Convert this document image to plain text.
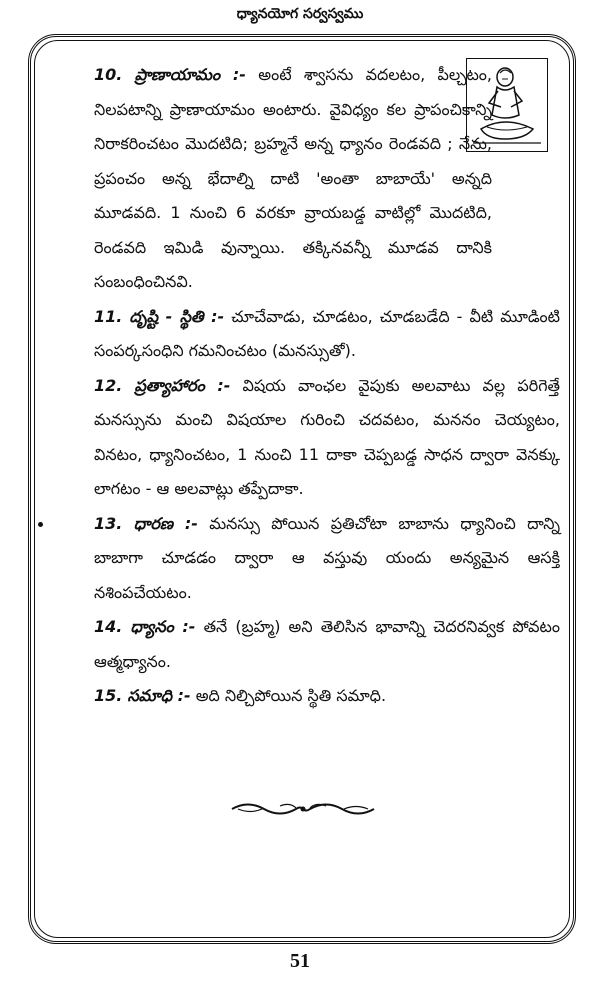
ధ్యానయోగ సర్వస్వము

10. ప్రాణాయామం :- అంటే శ్వాసను వదలటం, పీల్చటం, నిలపటాన్ని ప్రాణాయామం అంటారు. వైవిధ్యం కల ప్రాపంచికాన్ని నిరాకరించటం మొదటిది; బ్రహ్మనే అన్న ధ్యానం రెండవది ; నేను, ప్రపంచం అన్న భేదాల్ని దాటి 'అంతా బాబాయే' అన్నది మూడవది. 1 నుంచి 6 వరకూ వ్రాయబడ్డ వాటిల్లో మొదటిది, రెండవది ఇమిడి వున్నాయి. తక్కినవన్నీ మూడవ దానికి సంబంధించినవి.

11. దృష్టి - స్థితి :- చూచేవాడు, చూడటం, చూడబడేది - వీటి మూడింటి సంపర్కసంధిని గమనించటం (మనస్సుతో).

12. ప్రత్యాహారం :- విషయ వాంఛల వైపుకు అలవాటు వల్ల పరిగెత్తే మనస్సును మంచి విషయాల గురించి చదవటం, మననం చెయ్యటం, వినటం, ధ్యానించటం, 1 నుంచి 11 దాకా చెప్పబడ్డ సాధన ద్వారా వెనక్కు లాగటం - ఆ అలవాట్లు తప్పేదాకా.

13. ధారణ :- మనస్సు పోయిన ప్రతిచోటా బాబాను ధ్యానించి దాన్ని బాబాగా చూడడం ద్వారా ఆ వస్తువు యందు అన్యమైన ఆసక్తి నశింపచేయటం.

14. ధ్యానం :- తనే (బ్రహ్మ) అని తెలిసిన భావాన్ని చెదరనివ్వక పోవటం ఆత్మధ్యానం.

15. సమాధి :- అది నిల్చిపోయిన స్థితి సమాధి.

51
